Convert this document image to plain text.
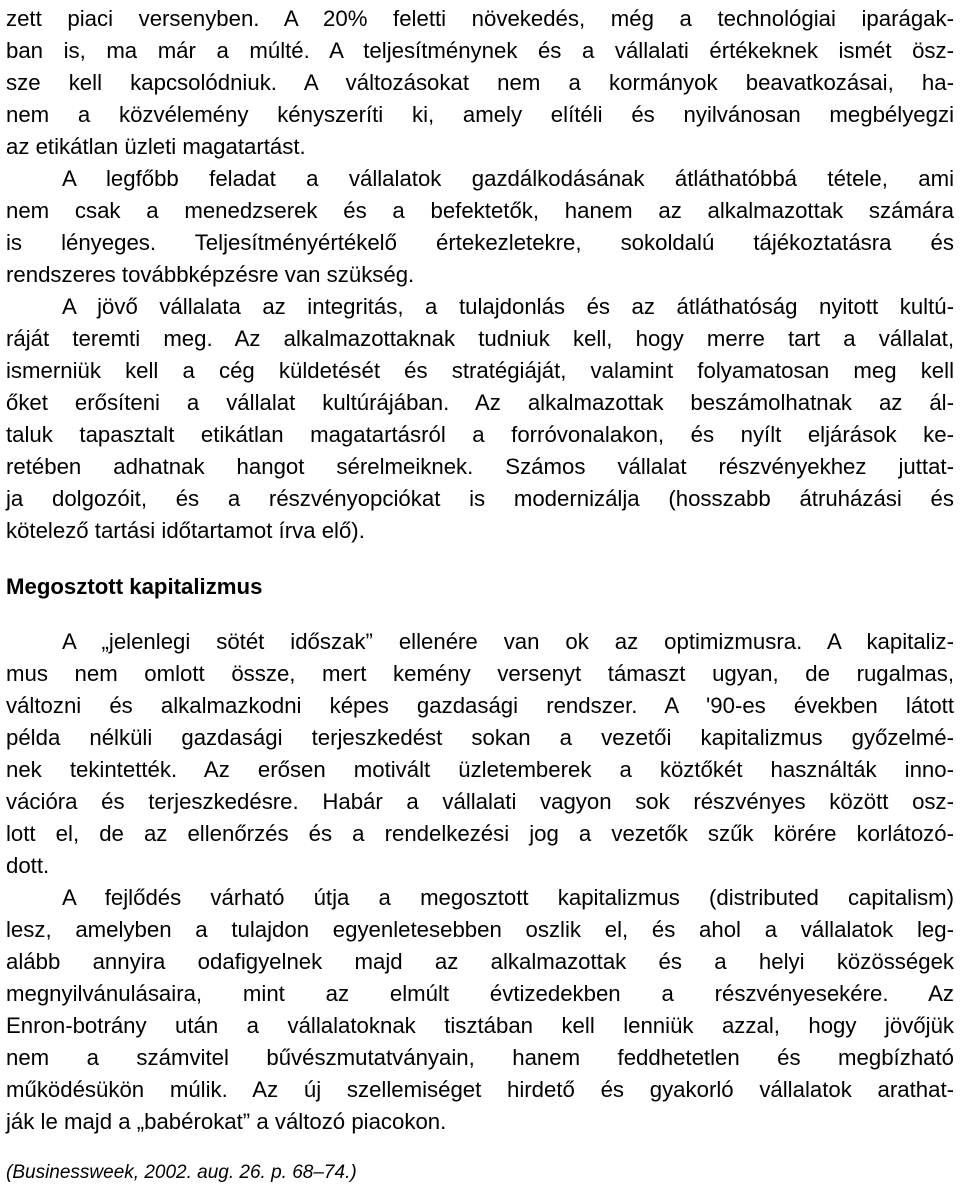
zett piaci versenyben. A 20% feletti növekedés, még a technológiai iparágak-
ban is, ma már a múlté. A teljesítménynek és a vállalati értékeknek ismét ösz-
sze kell kapcsolódniuk. A változásokat nem a kormányok beavatkozásai, ha-
nem a közvélemény kényszeríti ki, amely elítéli és nyilvánosan megbélyegzi
az etikátlan üzleti magatartást.
A legfőbb feladat a vállalatok gazdálkodásának átláthatóbbá tétele, ami
nem csak a menedzserek és a befektetők, hanem az alkalmazottak számára
is lényeges. Teljesítményértékelő értekezletekre, sokoldalú tájékoztatásra és
rendszeres továbbképzésre van szükség.
A jövő vállalata az integritás, a tulajdonlás és az átláthatóság nyitott kultú-
ráját teremti meg. Az alkalmazottaknak tudniuk kell, hogy merre tart a vállalat,
ismerniük kell a cég küldetését és stratégiáját, valamint folyamatosan meg kell
őket erősíteni a vállalat kultúrájában. Az alkalmazottak beszámolhatnak az ál-
taluk tapasztalt etikátlan magatartásról a forróvonalakon, és nyílt eljárások ke-
retében adhatnak hangot sérelmeiknek. Számos vállalat részvényekhez juttat-
ja dolgozóit, és a részvényopciókat is modernizálja (hosszabb átruházási és
kötelező tartási időtartamot írva elő).
Megosztott kapitalizmus
A „jelenlegi sötét időszak” ellenére van ok az optimizmusra. A kapitaliz-
mus nem omlott össze, mert kemény versenyt támaszt ugyan, de rugalmas,
változni és alkalmazkodni képes gazdasági rendszer. A '90-es években látott
példa nélküli gazdasági terjeszkedést sokan a vezetői kapitalizmus győzelmé-
nek tekintették. Az erősen motivált üzletemberek a köztőkét használták inno-
vációra és terjeszkedésre. Habár a vállalati vagyon sok részvényes között osz-
lott el, de az ellenőrzés és a rendelkezési jog a vezetők szűk körére korlátozó-
dott.
A fejlődés várható útja a megosztott kapitalizmus (distributed capitalism)
lesz, amelyben a tulajdon egyenletesebben oszlik el, és ahol a vállalatok leg-
alább annyira odafigyelnek majd az alkalmazottak és a helyi közösségek
megnyilvánulásaira, mint az elmúlt évtizedekben a részvényesekére. Az
Enron-botrány után a vállalatoknak tisztában kell lenniük azzal, hogy jövőjük
nem a számvitel bűvészmutatványain, hanem feddhetetlen és megbízható
működésükön múlik. Az új szellemiséget hirdető és gyakorló vállalatok arathat-
ják le majd a „babérokat” a változó piacokon.
(Businessweek, 2002. aug. 26. p. 68–74.)
